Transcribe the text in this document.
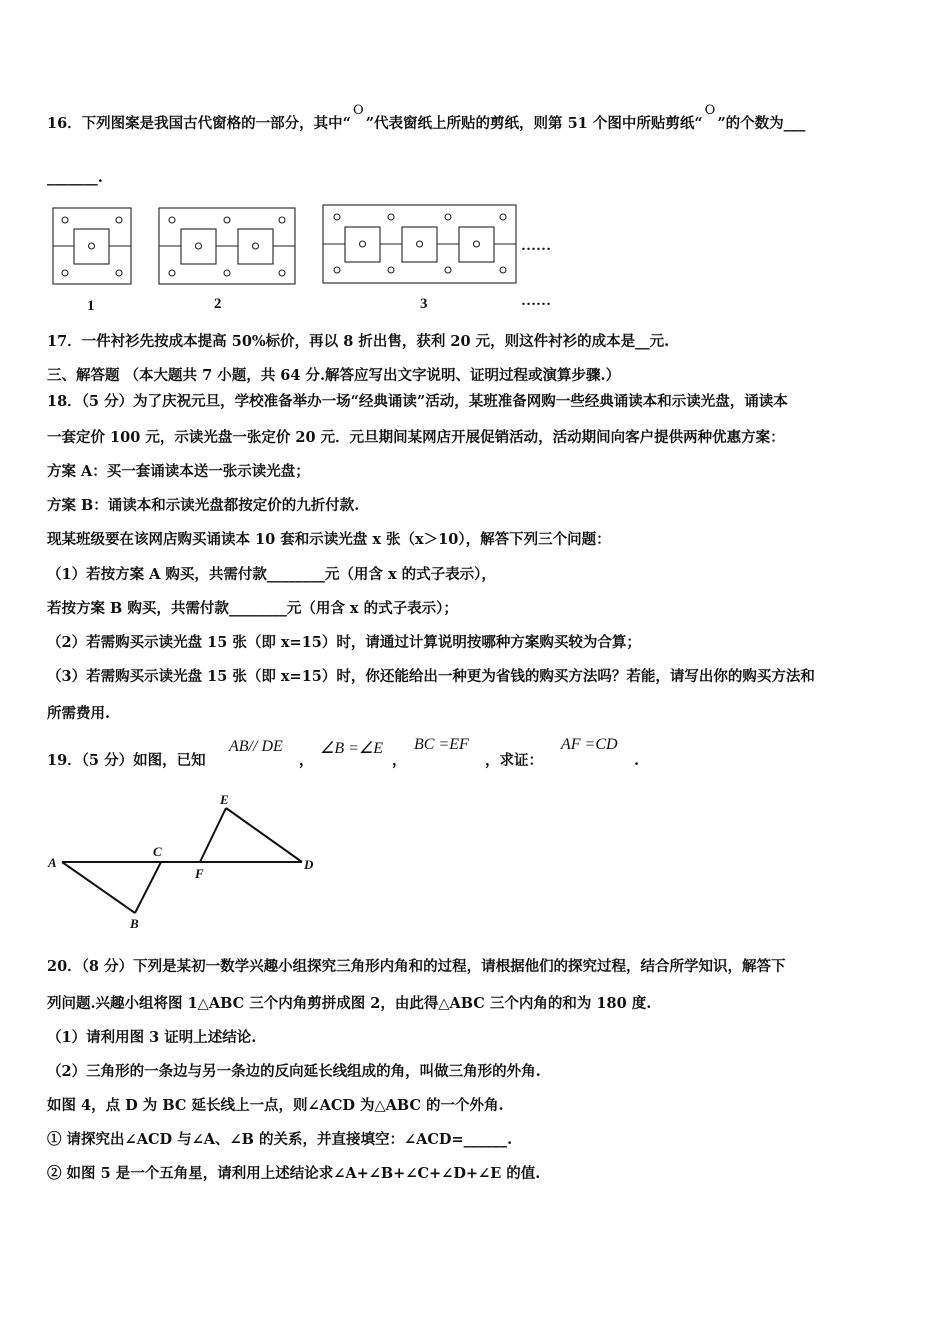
16．下列图案是我国古代窗格的一部分，其中“O”代表窗纸上所贴的剪纸，则第 51 个图中所贴剪纸“O”的个数为___
_______.
1	2	3
……
……
17．一件衬衫先按成本提高 50%标价，再以 8 折出售，获利 20 元，则这件衬衫的成本是__元.
三、解答题 （本大题共 7 小题，共 64 分.解答应写出文字说明、证明过程或演算步骤.）
18．（5 分）为了庆祝元旦，学校准备举办一场“经典诵读”活动，某班准备网购一些经典诵读本和示读光盘，诵读本
一套定价 100 元，示读光盘一张定价 20 元．元旦期间某网店开展促销活动，活动期间向客户提供两种优惠方案：
方案 A：买一套诵读本送一张示读光盘；
方案 B：诵读本和示读光盘都按定价的九折付款.
现某班级要在该网店购买诵读本 10 套和示读光盘 x 张（x＞10），解答下列三个问题：
（1）若按方案 A 购买，共需付款________元（用含 x 的式子表示），
若按方案 B 购买，共需付款________元（用含 x 的式子表示）；
（2）若需购买示读光盘 15 张（即 x=15）时，请通过计算说明按哪种方案购买较为合算；
（3）若需购买示读光盘 15 张（即 x=15）时，你还能给出一种更为省钱的购买方法吗？若能，请写出你的购买方法和
所需费用.
19．（5 分）如图，已知
AB// DE
，
∠B =∠E
，
BC =EF
，求证：
AF =CD
.
A
C
F
D
E
B
20．（8 分）下列是某初一数学兴趣小组探究三角形内角和的过程，请根据他们的探究过程，结合所学知识，解答下
列问题.兴趣小组将图 1△ABC 三个内角剪拼成图 2，由此得△ABC 三个内角的和为 180 度.
（1）请利用图 3 证明上述结论.
（2）三角形的一条边与另一条边的反向延长线组成的角，叫做三角形的外角.
如图 4，点 D 为 BC 延长线上一点，则∠ACD 为△ABC 的一个外角.
① 请探究出∠ACD 与∠A、∠B 的关系，并直接填空：∠ACD=______.
② 如图 5 是一个五角星，请利用上述结论求∠A+∠B+∠C+∠D+∠E 的值.
